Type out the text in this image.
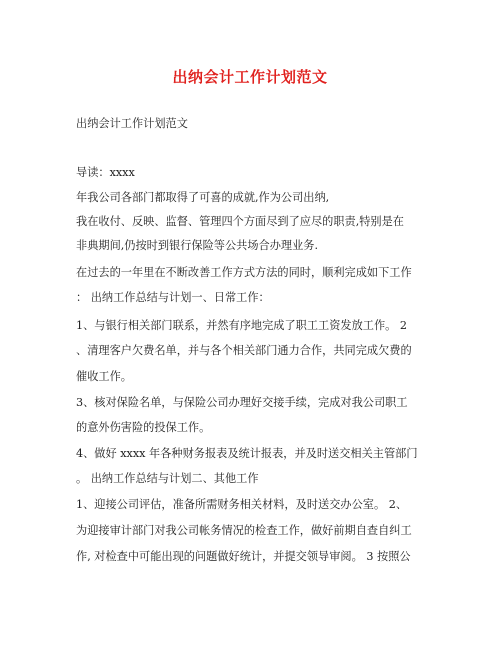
出纳会计工作计划范文
出纳会计工作计划范文
导读：xxxx
年我公司各部门都取得了可喜的成就,作为公司出纳,
我在收付、反映、监督、管理四个方面尽到了应尽的职责,特别是在
非典期间,仍按时到银行保险等公共场合办理业务.
在过去的一年里在不断改善工作方式方法的同时，顺利完成如下工作
： 出纳工作总结与计划一、日常工作：
1、与银行相关部门联系，并然有序地完成了职工工资发放工作。 2
、清理客户欠费名单，并与各个相关部门通力合作，共同完成欠费的
催收工作。
3、核对保险名单，与保险公司办理好交接手续，完成对我公司职工
的意外伤害险的投保工作。
4、做好 xxxx 年各种财务报表及统计报表，并及时送交相关主管部门
。 出纳工作总结与计划二、其他工作
1、迎接公司评估，准备所需财务相关材料，及时送交办公室。 2、
为迎接审计部门对我公司帐务情况的检查工作，做好前期自查自纠工
作, 对检查中可能出现的问题做好统计，并提交领导审阅。 3 按照公
